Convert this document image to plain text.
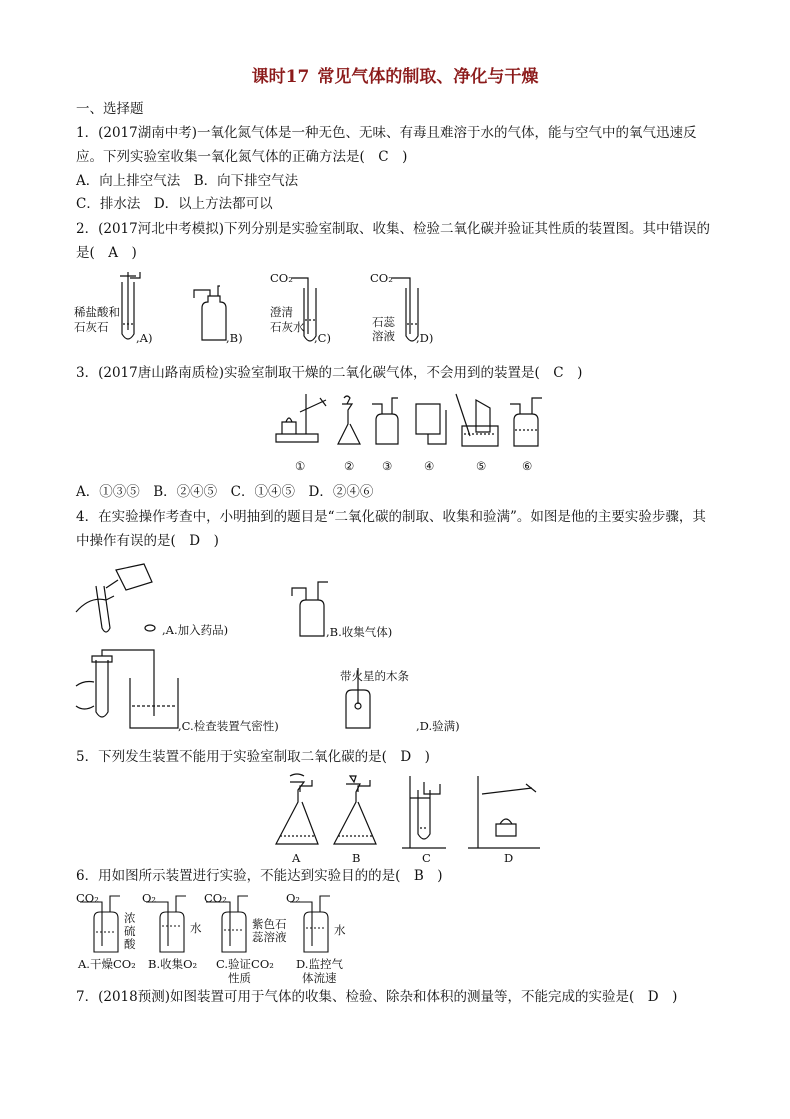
课时17 常见气体的制取、净化与干燥
一、选择题
1．(2017湖南中考)一氧化氮气体是一种无色、无味、有毒且难溶于水的气体，能与空气中的氧气迅速反
应。下列实验室收集一氧化氮气体的正确方法是(　C　)
A．向上排空气法　B．向下排空气法
C．排水法　D．以上方法都可以
2．(2017河北中考模拟)下列分别是实验室制取、收集、检验二氧化碳并验证其性质的装置图。其中错误的
是(　A　)
稀盐酸和
石灰石
,A)	,B)
CO₂
澄清
石灰水
,C)
CO₂
石蕊
溶液 ,D)
3．(2017唐山路南质检)实验室制取干燥的二氧化碳气体，不会用到的装置是(　C　)
①	② ③	④	⑤	⑥
A．①③⑤　B．②④⑤　C．①④⑤　D．②④⑥
4．在实验操作考查中，小明抽到的题目是“二氧化碳的制取、收集和验满”。如图是他的主要实验步骤，其
中操作有误的是(　D　)
,A.加入药品)	,B.收集气体)
,C.检查装置气密性)
带火星的木条
,D.验满)
5．下列发生装置不能用于实验室制取二氧化碳的是(　D　)
A	B	C	D
6．用如图所示装置进行实验，不能达到实验目的的是(　B　)
CO₂	O₂	CO₂	O₂
浓
硫
酸
水	紫色石
蕊溶液	水
A.干燥CO₂ B.收集O₂ C.验证CO₂
性质
D.监控气
体流速
7．(2018预测)如图装置可用于气体的收集、检验、除杂和体积的测量等，不能完成的实验是(　D　)
